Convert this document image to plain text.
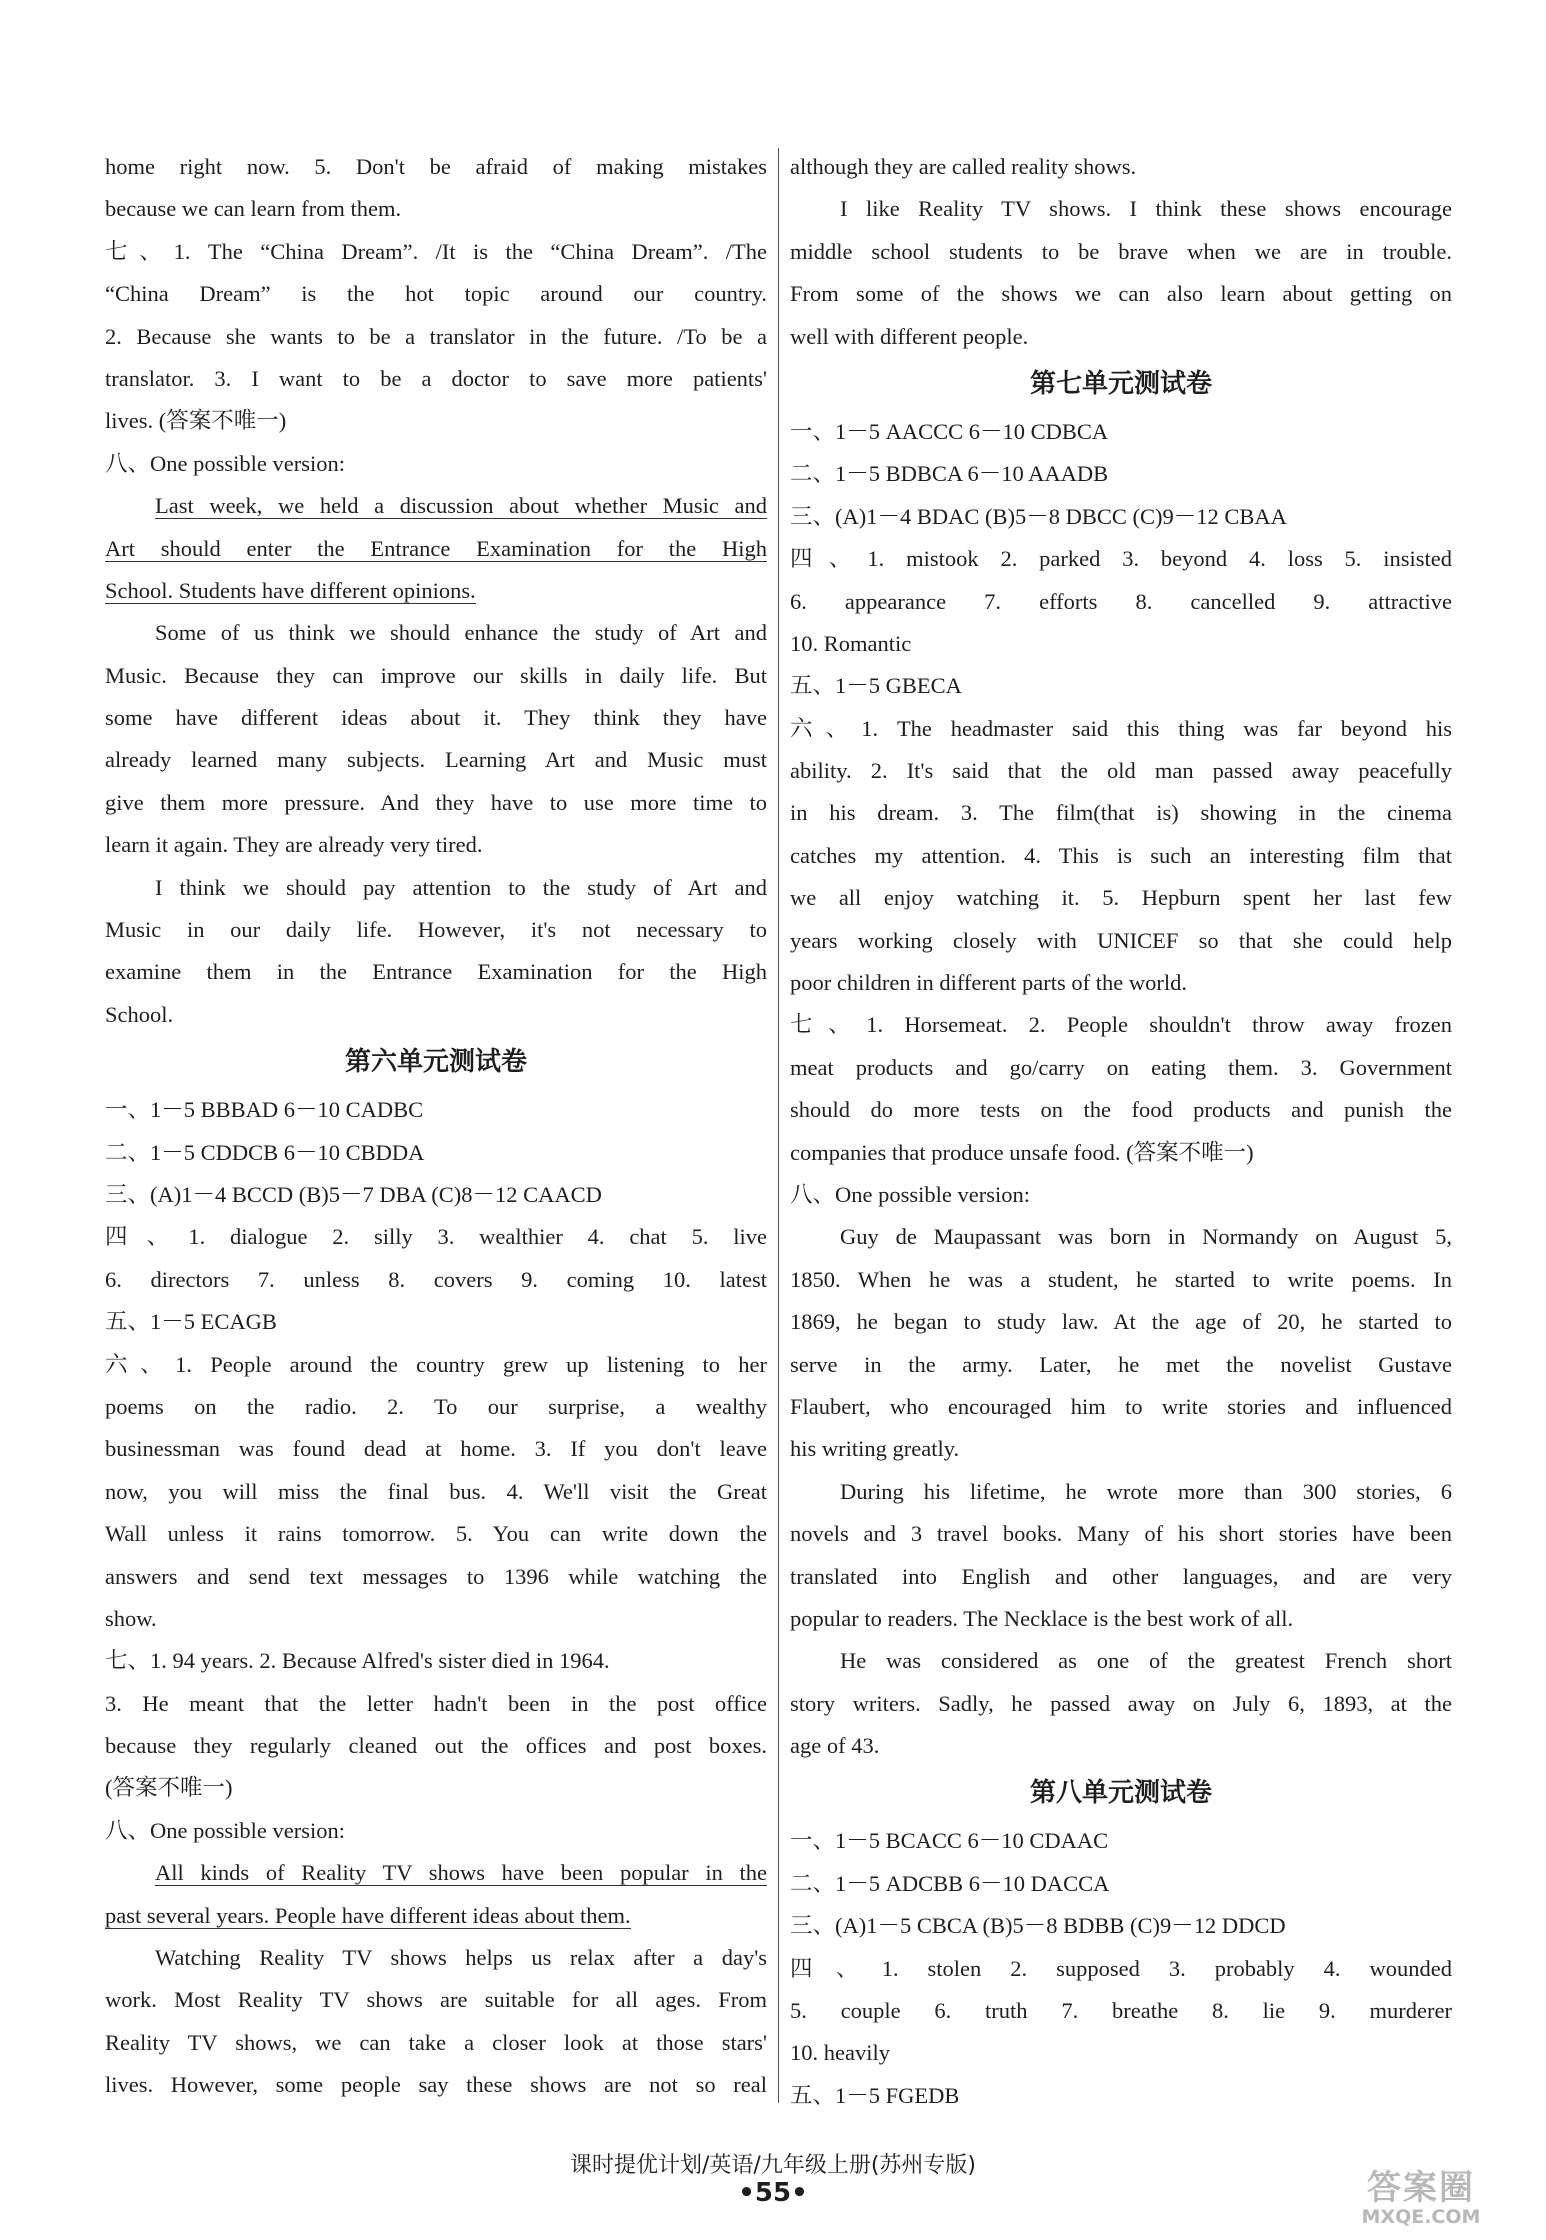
home right now. 5. Don't be afraid of making mistakes
because we can learn from them.
七、1. The “China Dream”. /It is the “China Dream”. /The
“China Dream” is the hot topic around our country.
2. Because she wants to be a translator in the future. /To be a
translator. 3. I want to be a doctor to save more patients'
lives. (答案不唯一)
八、One possible version:
Last week, we held a discussion about whether Music and
Art should enter the Entrance Examination for the High
School. Students have different opinions.
Some of us think we should enhance the study of Art and
Music. Because they can improve our skills in daily life. But
some have different ideas about it. They think they have
already learned many subjects. Learning Art and Music must
give them more pressure. And they have to use more time to
learn it again. They are already very tired.
I think we should pay attention to the study of Art and
Music in our daily life. However, it's not necessary to
examine them in the Entrance Examination for the High
School.
第六单元测试卷
一、1－5 BBBAD 6－10 CADBC
二、1－5 CDDCB 6－10 CBDDA
三、(A)1－4 BCCD (B)5－7 DBA (C)8－12 CAACD
四、1. dialogue 2. silly 3. wealthier 4. chat 5. live
6. directors 7. unless 8. covers 9. coming 10. latest
五、1－5 ECAGB
六、1. People around the country grew up listening to her
poems on the radio. 2. To our surprise, a wealthy
businessman was found dead at home. 3. If you don't leave
now, you will miss the final bus. 4. We'll visit the Great
Wall unless it rains tomorrow. 5. You can write down the
answers and send text messages to 1396 while watching the
show.
七、1. 94 years. 2. Because Alfred's sister died in 1964.
3. He meant that the letter hadn't been in the post office
because they regularly cleaned out the offices and post boxes.
(答案不唯一)
八、One possible version:
All kinds of Reality TV shows have been popular in the
past several years. People have different ideas about them.
Watching Reality TV shows helps us relax after a day's
work. Most Reality TV shows are suitable for all ages. From
Reality TV shows, we can take a closer look at those stars'
lives. However, some people say these shows are not so real
although they are called reality shows.
I like Reality TV shows. I think these shows encourage
middle school students to be brave when we are in trouble.
From some of the shows we can also learn about getting on
well with different people.
第七单元测试卷
一、1－5 AACCC 6－10 CDBCA
二、1－5 BDBCA 6－10 AAADB
三、(A)1－4 BDAC (B)5－8 DBCC (C)9－12 CBAA
四、1. mistook 2. parked 3. beyond 4. loss 5. insisted
6. appearance 7. efforts 8. cancelled 9. attractive
10. Romantic
五、1－5 GBECA
六、1. The headmaster said this thing was far beyond his
ability. 2. It's said that the old man passed away peacefully
in his dream. 3. The film(that is) showing in the cinema
catches my attention. 4. This is such an interesting film that
we all enjoy watching it. 5. Hepburn spent her last few
years working closely with UNICEF so that she could help
poor children in different parts of the world.
七、1. Horsemeat. 2. People shouldn't throw away frozen
meat products and go/carry on eating them. 3. Government
should do more tests on the food products and punish the
companies that produce unsafe food. (答案不唯一)
八、One possible version:
Guy de Maupassant was born in Normandy on August 5,
1850. When he was a student, he started to write poems. In
1869, he began to study law. At the age of 20, he started to
serve in the army. Later, he met the novelist Gustave
Flaubert, who encouraged him to write stories and influenced
his writing greatly.
During his lifetime, he wrote more than 300 stories, 6
novels and 3 travel books. Many of his short stories have been
translated into English and other languages, and are very
popular to readers. The Necklace is the best work of all.
He was considered as one of the greatest French short
story writers. Sadly, he passed away on July 6, 1893, at the
age of 43.
第八单元测试卷
一、1－5 BCACC 6－10 CDAAC
二、1－5 ADCBB 6－10 DACCA
三、(A)1－5 CBCA (B)5－8 BDBB (C)9－12 DDCD
四、1. stolen 2. supposed 3. probably 4. wounded
5. couple 6. truth 7. breathe 8. lie 9. murderer
10. heavily
五、1－5 FGEDB
课时提优计划/英语/九年级上册(苏州专版)
•55•	答案圈
MXQE.COM
